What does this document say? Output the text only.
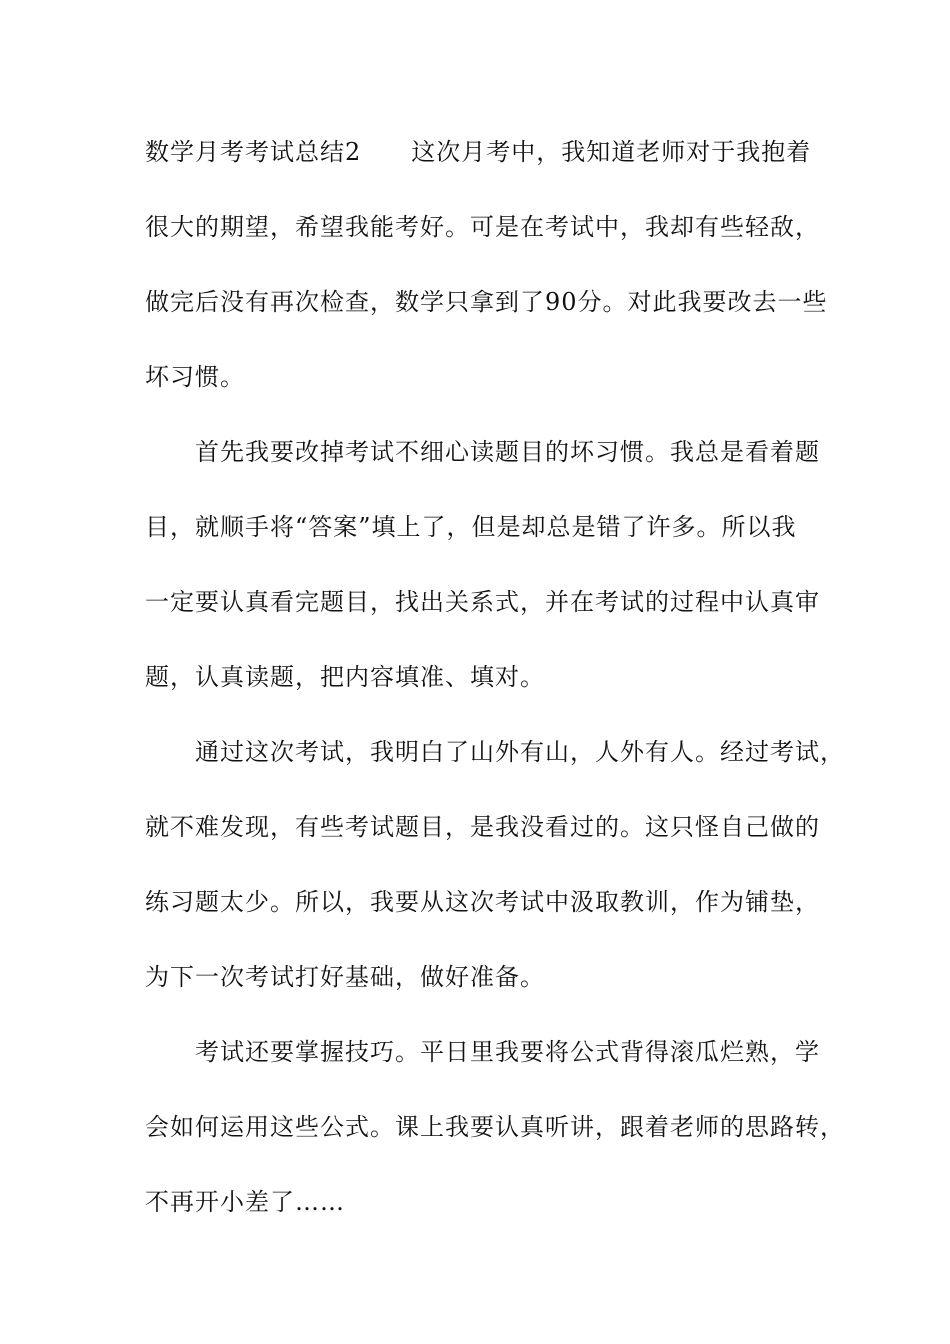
数学月考考试总结2　　这次月考中，我知道老师对于我抱着
很大的期望，希望我能考好。可是在考试中，我却有些轻敌，
做完后没有再次检查，数学只拿到了90分。对此我要改去一些
坏习惯。
　　首先我要改掉考试不细心读题目的坏习惯。我总是看着题
目，就顺手将“答案”填上了，但是却总是错了许多。所以我
一定要认真看完题目，找出关系式，并在考试的过程中认真审
题，认真读题，把内容填准、填对。
　　通过这次考试，我明白了山外有山，人外有人。经过考试，
就不难发现，有些考试题目，是我没看过的。这只怪自己做的
练习题太少。所以，我要从这次考试中汲取教训，作为铺垫，
为下一次考试打好基础，做好准备。
　　考试还要掌握技巧。平日里我要将公式背得滚瓜烂熟，学
会如何运用这些公式。课上我要认真听讲，跟着老师的思路转，
不再开小差了……
